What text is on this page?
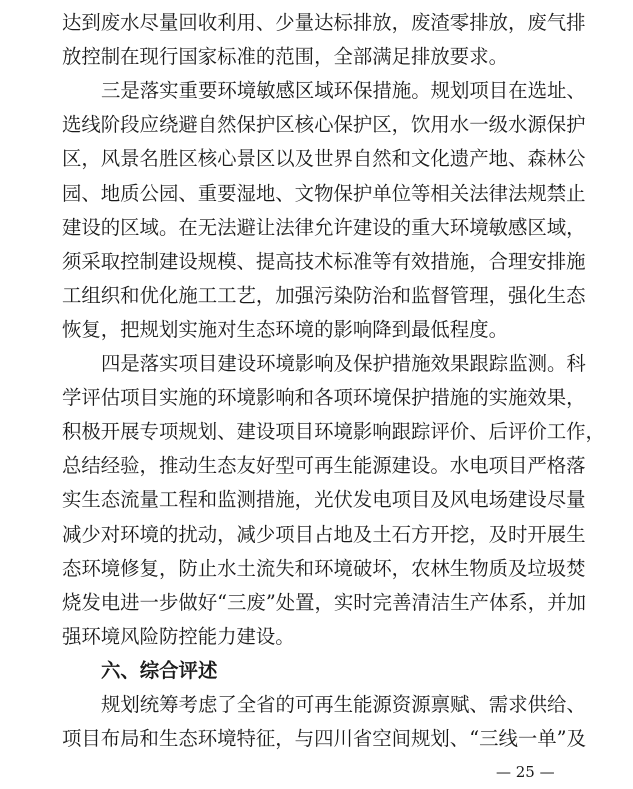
达到废水尽量回收利用、少量达标排放，废渣零排放，废气排
放控制在现行国家标准的范围，全部满足排放要求。
三是落实重要环境敏感区域环保措施。规划项目在选址、
选线阶段应绕避自然保护区核心保护区，饮用水一级水源保护
区，风景名胜区核心景区以及世界自然和文化遗产地、森林公
园、地质公园、重要湿地、文物保护单位等相关法律法规禁止
建设的区域。在无法避让法律允许建设的重大环境敏感区域，
须采取控制建设规模、提高技术标准等有效措施，合理安排施
工组织和优化施工工艺，加强污染防治和监督管理，强化生态
恢复，把规划实施对生态环境的影响降到最低程度。
四是落实项目建设环境影响及保护措施效果跟踪监测。科
学评估项目实施的环境影响和各项环境保护措施的实施效果，
积极开展专项规划、建设项目环境影响跟踪评价、后评价工作，
总结经验，推动生态友好型可再生能源建设。水电项目严格落
实生态流量工程和监测措施，光伏发电项目及风电场建设尽量
减少对环境的扰动，减少项目占地及土石方开挖，及时开展生
态环境修复，防止水土流失和环境破坏，农林生物质及垃圾焚
烧发电进一步做好“三废”处置，实时完善清洁生产体系，并加
强环境风险防控能力建设。
六、综合评述
规划统筹考虑了全省的可再生能源资源禀赋、需求供给、
项目布局和生态环境特征，与四川省空间规划、“三线一单”及
— 25 —
